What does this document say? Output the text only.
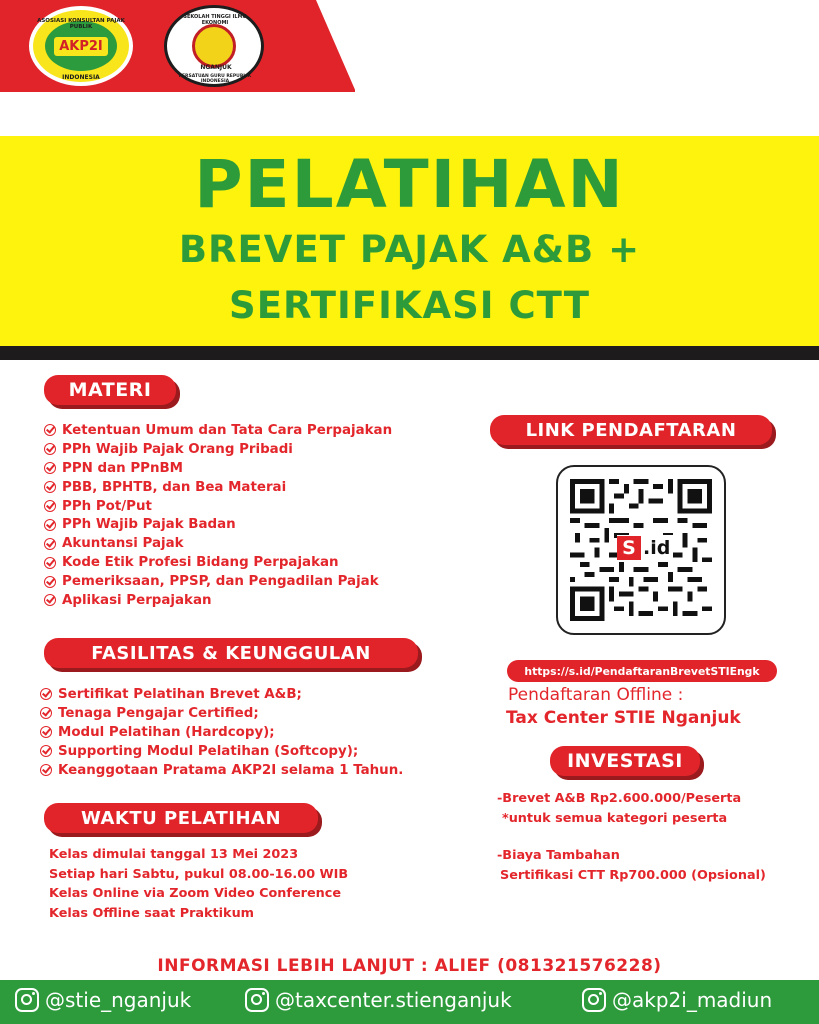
AKP2I
ASOSIASI KONSULTAN PAJAK PUBLIK
INDONESIA
SEKOLAH TINGGI ILMU EKONOMI
NGANJUK
PERSATUAN GURU REPUBLIK INDONESIA
PELATIHAN
BREVET PAJAK A&B +
SERTIFIKASI CTT
MATERI
Ketentuan Umum dan Tata Cara Perpajakan
PPh Wajib Pajak Orang Pribadi
PPN dan PPnBM
PBB, BPHTB, dan Bea Materai
PPh Pot/Put
PPh Wajib Pajak Badan
Akuntansi Pajak
Kode Etik Profesi Bidang Perpajakan
Pemeriksaan, PPSP, dan Pengadilan Pajak
Aplikasi Perpajakan
FASILITAS & KEUNGGULAN
Sertifikat Pelatihan Brevet A&B;
Tenaga Pengajar Certified;
Modul Pelatihan (Hardcopy);
Supporting Modul Pelatihan (Softcopy);
Keanggotaan Pratama AKP2I selama 1 Tahun.
WAKTU PELATIHAN
Kelas dimulai tanggal 13 Mei 2023
Setiap hari Sabtu, pukul 08.00-16.00 WIB
Kelas Online via Zoom Video Conference
Kelas Offline saat Praktikum
LINK PENDAFTARAN
S .id
https://s.id/PendaftaranBrevetSTIEngk
Pendaftaran Offline :
Tax Center STIE Nganjuk
INVESTASI
-Brevet A&B Rp2.600.000/Peserta
*untuk semua kategori peserta
-Biaya Tambahan
Sertifikasi CTT Rp700.000 (Opsional)
INFORMASI LEBIH LANJUT : ALIEF (081321576228)
@stie_nganjuk	@taxcenter.stienganjuk	@akp2i_madiun
